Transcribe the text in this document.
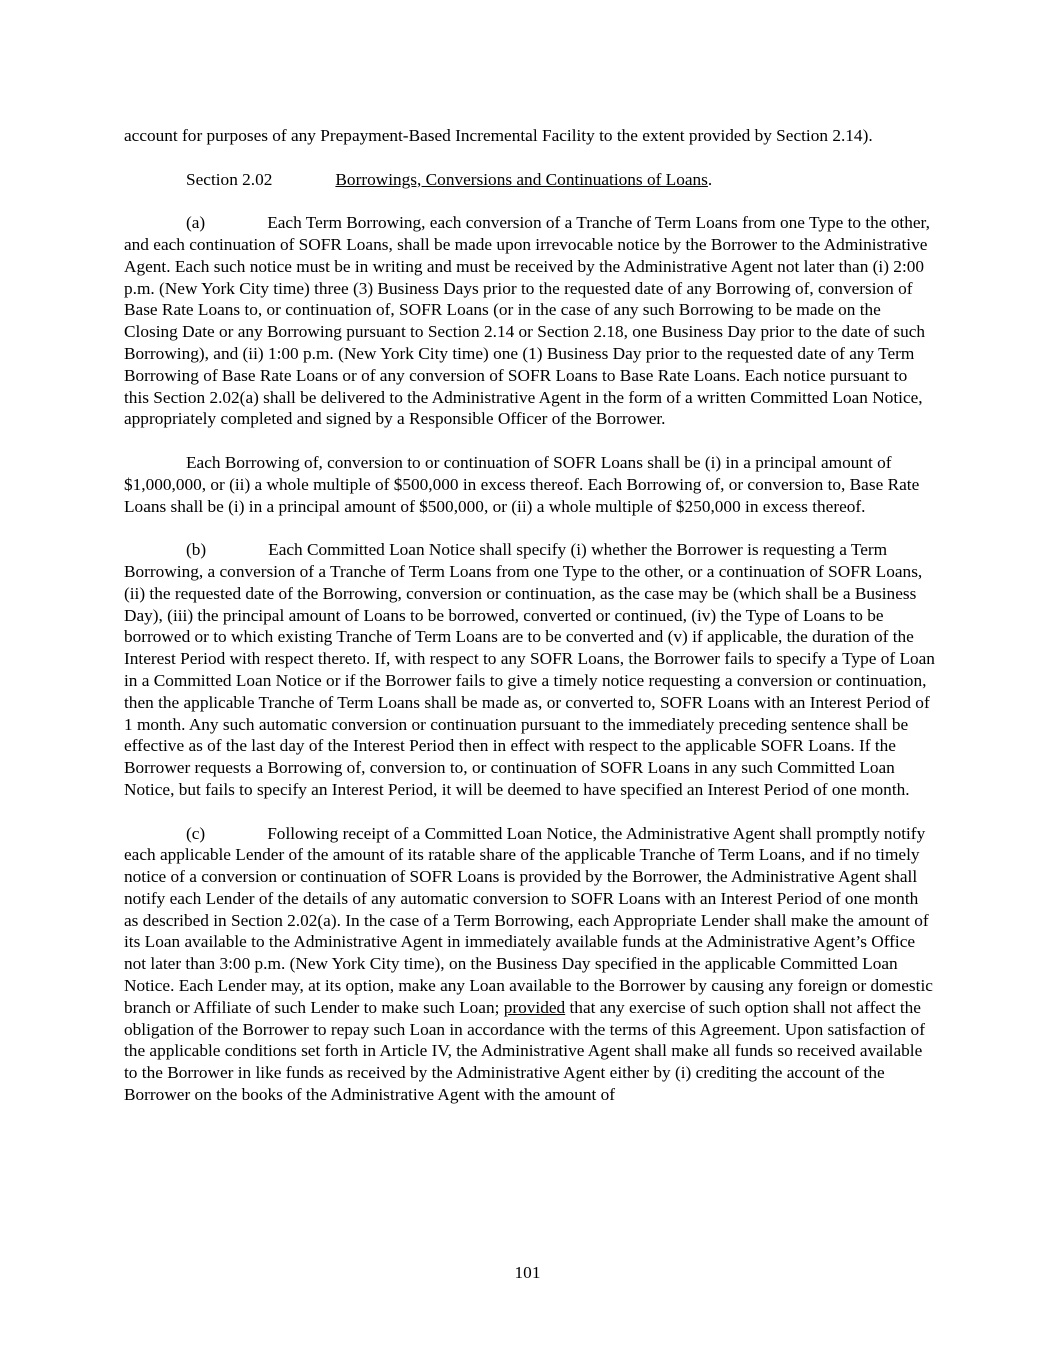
account for purposes of any Prepayment-Based Incremental Facility to the extent provided by Section 2.14).

Section 2.02	Borrowings, Conversions and Continuations of Loans.

(a)	Each Term Borrowing, each conversion of a Tranche of Term Loans from one Type to the other, and each continuation of SOFR Loans, shall be made upon irrevocable notice by the Borrower to the Administrative Agent. Each such notice must be in writing and must be received by the Administrative Agent not later than (i) 2:00 p.m. (New York City time) three (3) Business Days prior to the requested date of any Borrowing of, conversion of Base Rate Loans to, or continuation of, SOFR Loans (or in the case of any such Borrowing to be made on the Closing Date or any Borrowing pursuant to Section 2.14 or Section 2.18, one Business Day prior to the date of such Borrowing), and (ii) 1:00 p.m. (New York City time) one (1) Business Day prior to the requested date of any Term Borrowing of Base Rate Loans or of any conversion of SOFR Loans to Base Rate Loans. Each notice pursuant to this Section 2.02(a) shall be delivered to the Administrative Agent in the form of a written Committed Loan Notice, appropriately completed and signed by a Responsible Officer of the Borrower.

Each Borrowing of, conversion to or continuation of SOFR Loans shall be (i) in a principal amount of $1,000,000, or (ii) a whole multiple of $500,000 in excess thereof. Each Borrowing of, or conversion to, Base Rate Loans shall be (i) in a principal amount of $500,000, or (ii) a whole multiple of $250,000 in excess thereof.

(b)	Each Committed Loan Notice shall specify (i) whether the Borrower is requesting a Term Borrowing, a conversion of a Tranche of Term Loans from one Type to the other, or a continuation of SOFR Loans, (ii) the requested date of the Borrowing, conversion or continuation, as the case may be (which shall be a Business Day), (iii) the principal amount of Loans to be borrowed, converted or continued, (iv) the Type of Loans to be borrowed or to which existing Tranche of Term Loans are to be converted and (v) if applicable, the duration of the Interest Period with respect thereto. If, with respect to any SOFR Loans, the Borrower fails to specify a Type of Loan in a Committed Loan Notice or if the Borrower fails to give a timely notice requesting a conversion or continuation, then the applicable Tranche of Term Loans shall be made as, or converted to, SOFR Loans with an Interest Period of 1 month. Any such automatic conversion or continuation pursuant to the immediately preceding sentence shall be effective as of the last day of the Interest Period then in effect with respect to the applicable SOFR Loans. If the Borrower requests a Borrowing of, conversion to, or continuation of SOFR Loans in any such Committed Loan Notice, but fails to specify an Interest Period, it will be deemed to have specified an Interest Period of one month.

(c)	Following receipt of a Committed Loan Notice, the Administrative Agent shall promptly notify each applicable Lender of the amount of its ratable share of the applicable Tranche of Term Loans, and if no timely notice of a conversion or continuation of SOFR Loans is provided by the Borrower, the Administrative Agent shall notify each Lender of the details of any automatic conversion to SOFR Loans with an Interest Period of one month as described in Section 2.02(a). In the case of a Term Borrowing, each Appropriate Lender shall make the amount of its Loan available to the Administrative Agent in immediately available funds at the Administrative Agent’s Office not later than 3:00 p.m. (New York City time), on the Business Day specified in the applicable Committed Loan Notice. Each Lender may, at its option, make any Loan available to the Borrower by causing any foreign or domestic branch or Affiliate of such Lender to make such Loan; provided that any exercise of such option shall not affect the obligation of the Borrower to repay such Loan in accordance with the terms of this Agreement. Upon satisfaction of the applicable conditions set forth in Article IV, the Administrative Agent shall make all funds so received available to the Borrower in like funds as received by the Administrative Agent either by (i) crediting the account of the Borrower on the books of the Administrative Agent with the amount of

101
